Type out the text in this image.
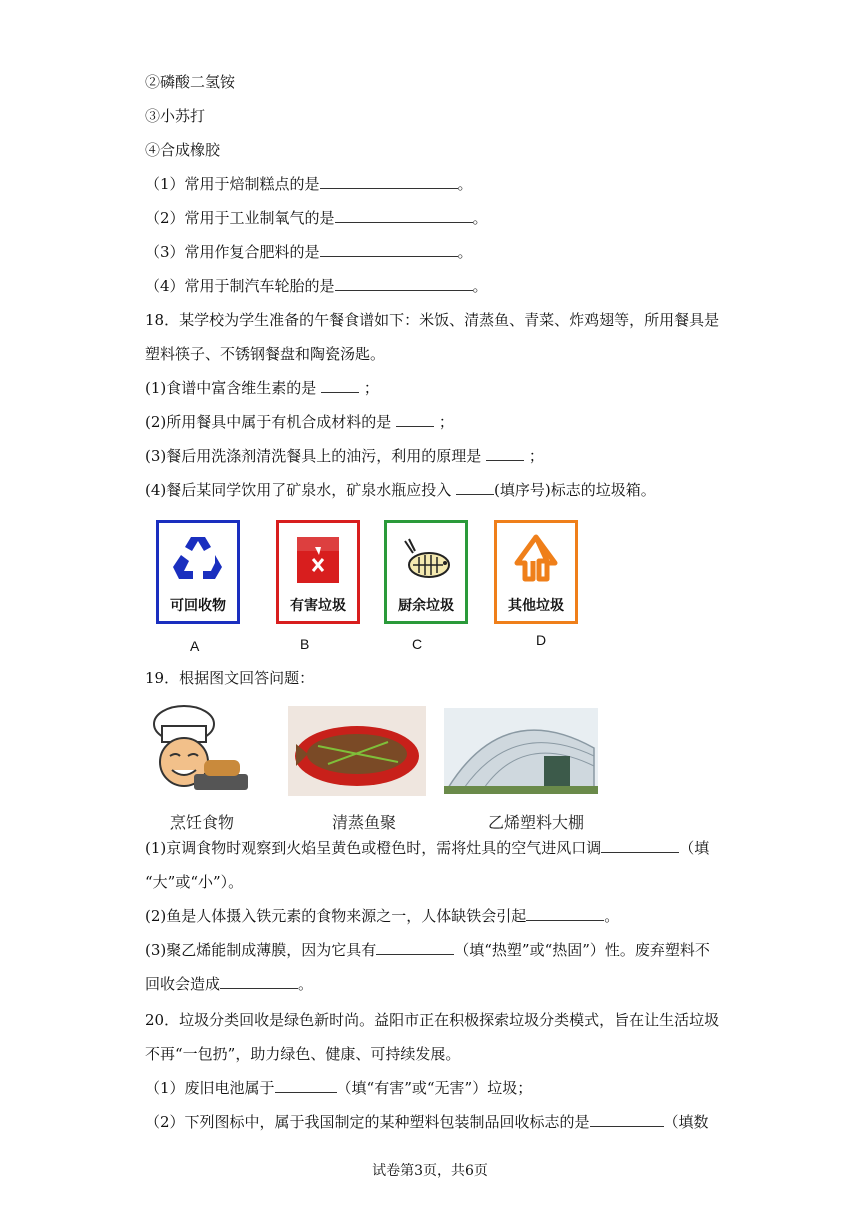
②磷酸二氢铵
③小苏打
④合成橡胶
（1）常用于焙制糕点的是	。
（2）常用于工业制氧气的是	。
（3）常用作复合肥料的是	。
（4）常用于制汽车轮胎的是	。
18．某学校为学生准备的午餐食谱如下：米饭、清蒸鱼、青菜、炸鸡翅等，所用餐具是
塑料筷子、不锈钢餐盘和陶瓷汤匙。
(1)食谱中富含维生素的是	；
(2)所用餐具中属于有机合成材料的是	；
(3)餐后用洗涤剂清洗餐具上的油污，利用的原理是	；
(4)餐后某同学饮用了矿泉水，矿泉水瓶应投入	(填序号)标志的垃圾箱。
可回收物	有害垃圾	厨余垃圾	其他垃圾
A	B	C	D
19．根据图文回答问题：
烹饪食物	清蒸鱼聚	乙烯塑料大棚
(1)京调食物时观察到火焰呈黄色或橙色时，需将灶具的空气进风口调	（填
“大”或“小”）。
(2)鱼是人体摄入铁元素的食物来源之一，人体缺铁会引起	。
(3)聚乙烯能制成薄膜，因为它具有	（填“热塑”或“热固”）性。废弃塑料不
回收会造成	。
20．垃圾分类回收是绿色新时尚。益阳市正在积极探索垃圾分类模式，旨在让生活垃圾
不再“一包扔”，助力绿色、健康、可持续发展。
（1）废旧电池属于	（填“有害”或“无害”）垃圾；
（2）下列图标中，属于我国制定的某种塑料包装制品回收标志的是	（填数
试卷第3页，共6页
